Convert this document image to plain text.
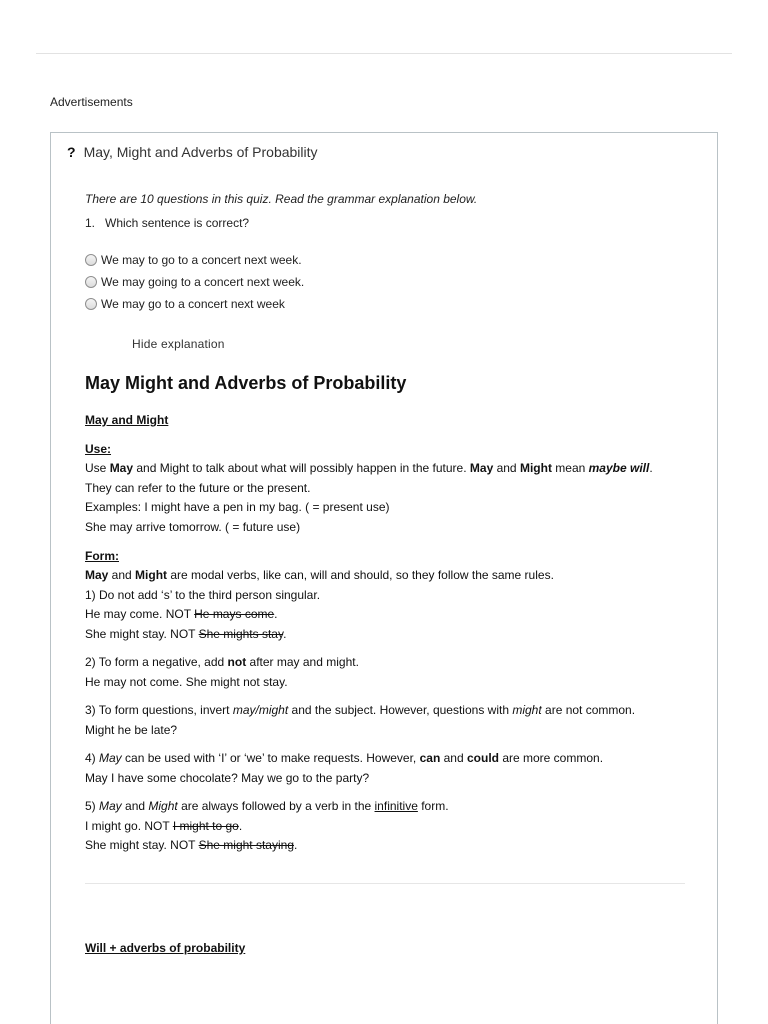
Advertisements
? May, Might and Adverbs of Probability
There are 10 questions in this quiz. Read the grammar explanation below.
1. Which sentence is correct?
We may to go to a concert next week.
We may going to a concert next week.
We may go to a concert next week
Hide explanation
May Might and Adverbs of Probability
May and Might
Use:
Use May and Might to talk about what will possibly happen in the future. May and Might mean maybe will.
They can refer to the future or the present.
Examples: I might have a pen in my bag. ( = present use)
She may arrive tomorrow. ( = future use)
Form:
May and Might are modal verbs, like can, will and should, so they follow the same rules.
1) Do not add ‘s’ to the third person singular.
He may come. NOT He mays come.
She might stay. NOT She mights stay.
2) To form a negative, add not after may and might.
He may not come. She might not stay.
3) To form questions, invert may/might and the subject. However, questions with might are not common.
Might he be late?
4) May can be used with ‘I’ or ‘we’ to make requests. However, can and could are more common.
May I have some chocolate? May we go to the party?
5) May and Might are always followed by a verb in the infinitive form.
I might go. NOT I might to go.
She might stay. NOT She might staying.
Will + adverbs of probability
